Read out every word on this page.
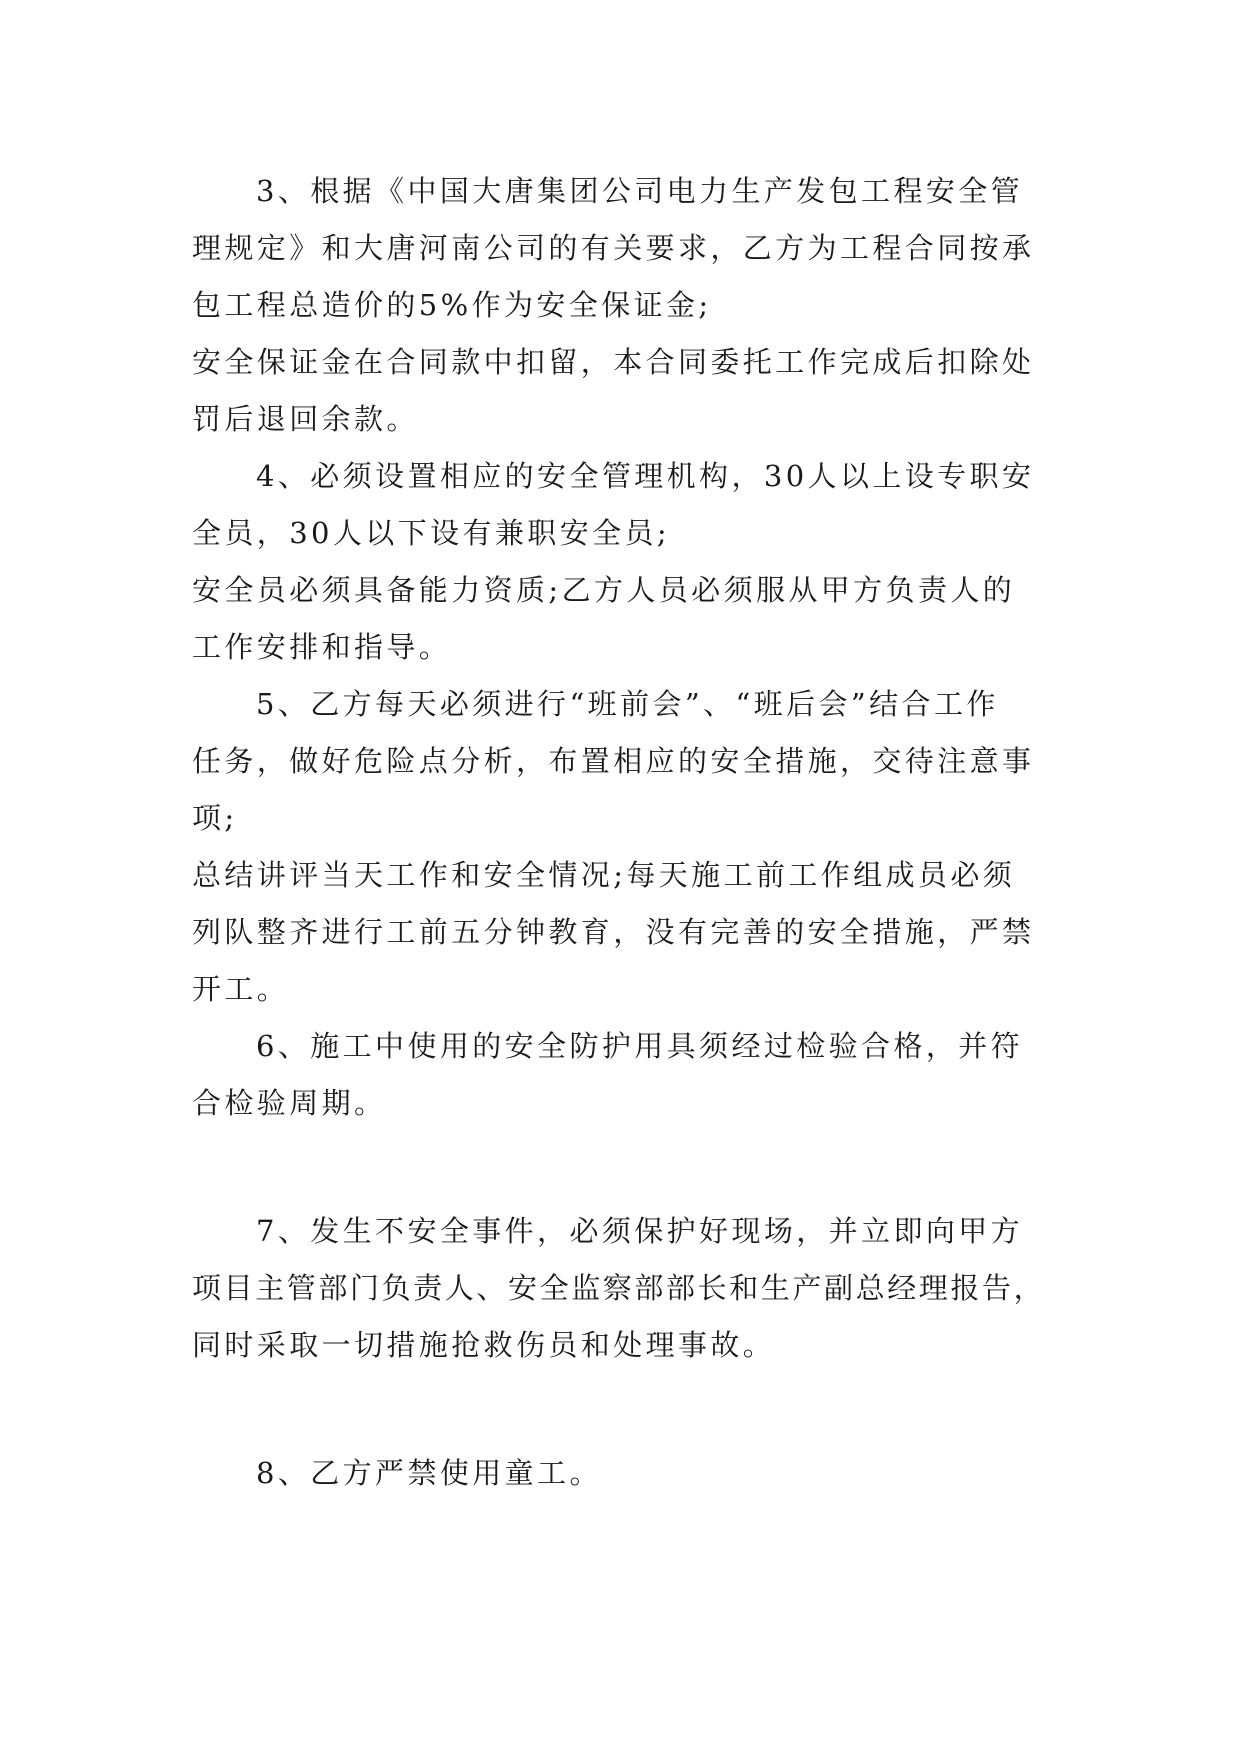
3、根据《中国大唐集团公司电力生产发包工程安全管

理规定》和大唐河南公司的有关要求，乙方为工程合同按承

包工程总造价的5%作为安全保证金;

安全保证金在合同款中扣留，本合同委托工作完成后扣除处

罚后退回余款。

4、必须设置相应的安全管理机构，30人以上设专职安

全员，30人以下设有兼职安全员;

安全员必须具备能力资质;乙方人员必须服从甲方负责人的

工作安排和指导。

5、乙方每天必须进行“班前会”、“班后会”结合工作

任务，做好危险点分析，布置相应的安全措施，交待注意事

项;

总结讲评当天工作和安全情况;每天施工前工作组成员必须

列队整齐进行工前五分钟教育，没有完善的安全措施，严禁

开工。

6、施工中使用的安全防护用具须经过检验合格，并符

合检验周期。

7、发生不安全事件，必须保护好现场，并立即向甲方

项目主管部门负责人、安全监察部部长和生产副总经理报告，

同时采取一切措施抢救伤员和处理事故。

8、乙方严禁使用童工。
